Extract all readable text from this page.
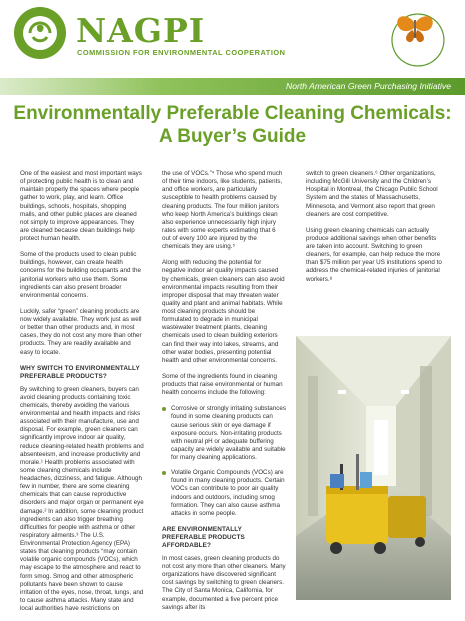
NAGPI
COMMISSION FOR ENVIRONMENTAL COOPERATION
North American Green Purchasing Initiative
Environmentally Preferable Cleaning Chemicals:
A Buyer’s Guide

One of the easiest and most important ways of protecting public health is to clean and maintain properly the spaces where people gather to work, play, and learn. Office buildings, schools, hospitals, shopping malls, and other public places are cleaned not simply to improve appearances. They are cleaned because clean buildings help protect human health.

Some of the products used to clean public buildings, however, can create health concerns for the building occupants and the janitorial workers who use them. Some ingredients can also present broader environmental concerns.

Luckily, safer “green” cleaning products are now widely available. They work just as well or better than other products and, in most cases, they do not cost any more than other products. They are readily available and easy to locate.

WHY SWITCH TO ENVIRONMENTALLY PREFERABLE PRODUCTS?

By switching to green cleaners, buyers can avoid cleaning products containing toxic chemicals, thereby avoiding the various environmental and health impacts and risks associated with their manufacture, use and disposal. For example, green cleaners can significantly improve indoor air quality, reduce cleaning-related health problems and absenteeism, and increase productivity and morale.¹ Health problems associated with some cleaning chemicals include headaches, dizziness, and fatigue. Although few in number, there are some cleaning chemicals that can cause reproductive disorders and major organ or permanent eye damage.² In addition, some cleaning product ingredients can also trigger breathing difficulties for people with asthma or other respiratory ailments.³ The U.S. Environmental Protection Agency (EPA) states that cleaning products “may contain volatile organic compounds (VOCs), which may escape to the atmosphere and react to form smog. Smog and other atmospheric pollutants have been shown to cause irritation of the eyes, nose, throat, lungs, and to cause asthma attacks. Many state and local authorities have restrictions on

the use of VOCs.”⁴ Those who spend much of their time indoors, like students, patients, and office workers, are particularly susceptible to health problems caused by cleaning products. The four million janitors who keep North America’s buildings clean also experience unnecessarily high injury rates with some experts estimating that 6 out of every 100 are injured by the chemicals they are using.⁵

Along with reducing the potential for negative indoor air quality impacts caused by chemicals, green cleaners can also avoid environmental impacts resulting from their improper disposal that may threaten water quality and plant and animal habitats. While most cleaning products should be formulated to degrade in municipal wastewater treatment plants, cleaning chemicals used to clean building exteriors can find their way into lakes, streams, and other water bodies, presenting potential health and other environmental concerns.

Some of the ingredients found in cleaning products that raise environmental or human health concerns include the following:

Corrosive or strongly irritating substances found in some cleaning products can cause serious skin or eye damage if exposure occurs. Non-irritating products with neutral pH or adequate buffering capacity are widely available and suitable for many cleaning applications.
Volatile Organic Compounds (VOCs) are found in many cleaning products. Certain VOCs can contribute to poor air quality indoors and outdoors, including smog formation. They can also cause asthma attacks in some people.
ARE ENVIRONMENTALLY PREFERABLE PRODUCTS AFFORDABLE?

In most cases, green cleaning products do not cost any more than other cleaners. Many organizations have discovered significant cost savings by switching to green cleaners. The City of Santa Monica, California, for example, documented a five percent price savings after its

switch to green cleaners.⁶ Other organizations, including McGill University and the Children’s Hospital in Montreal, the Chicago Public School System and the states of Massachusetts, Minnesota, and Vermont also report that green cleaners are cost competitive.

Using green cleaning chemicals can actually produce additional savings when other benefits are taken into account. Switching to green cleaners, for example, can help reduce the more than $75 million per year US institutions spend to address the chemical-related injuries of janitorial workers.⁸
